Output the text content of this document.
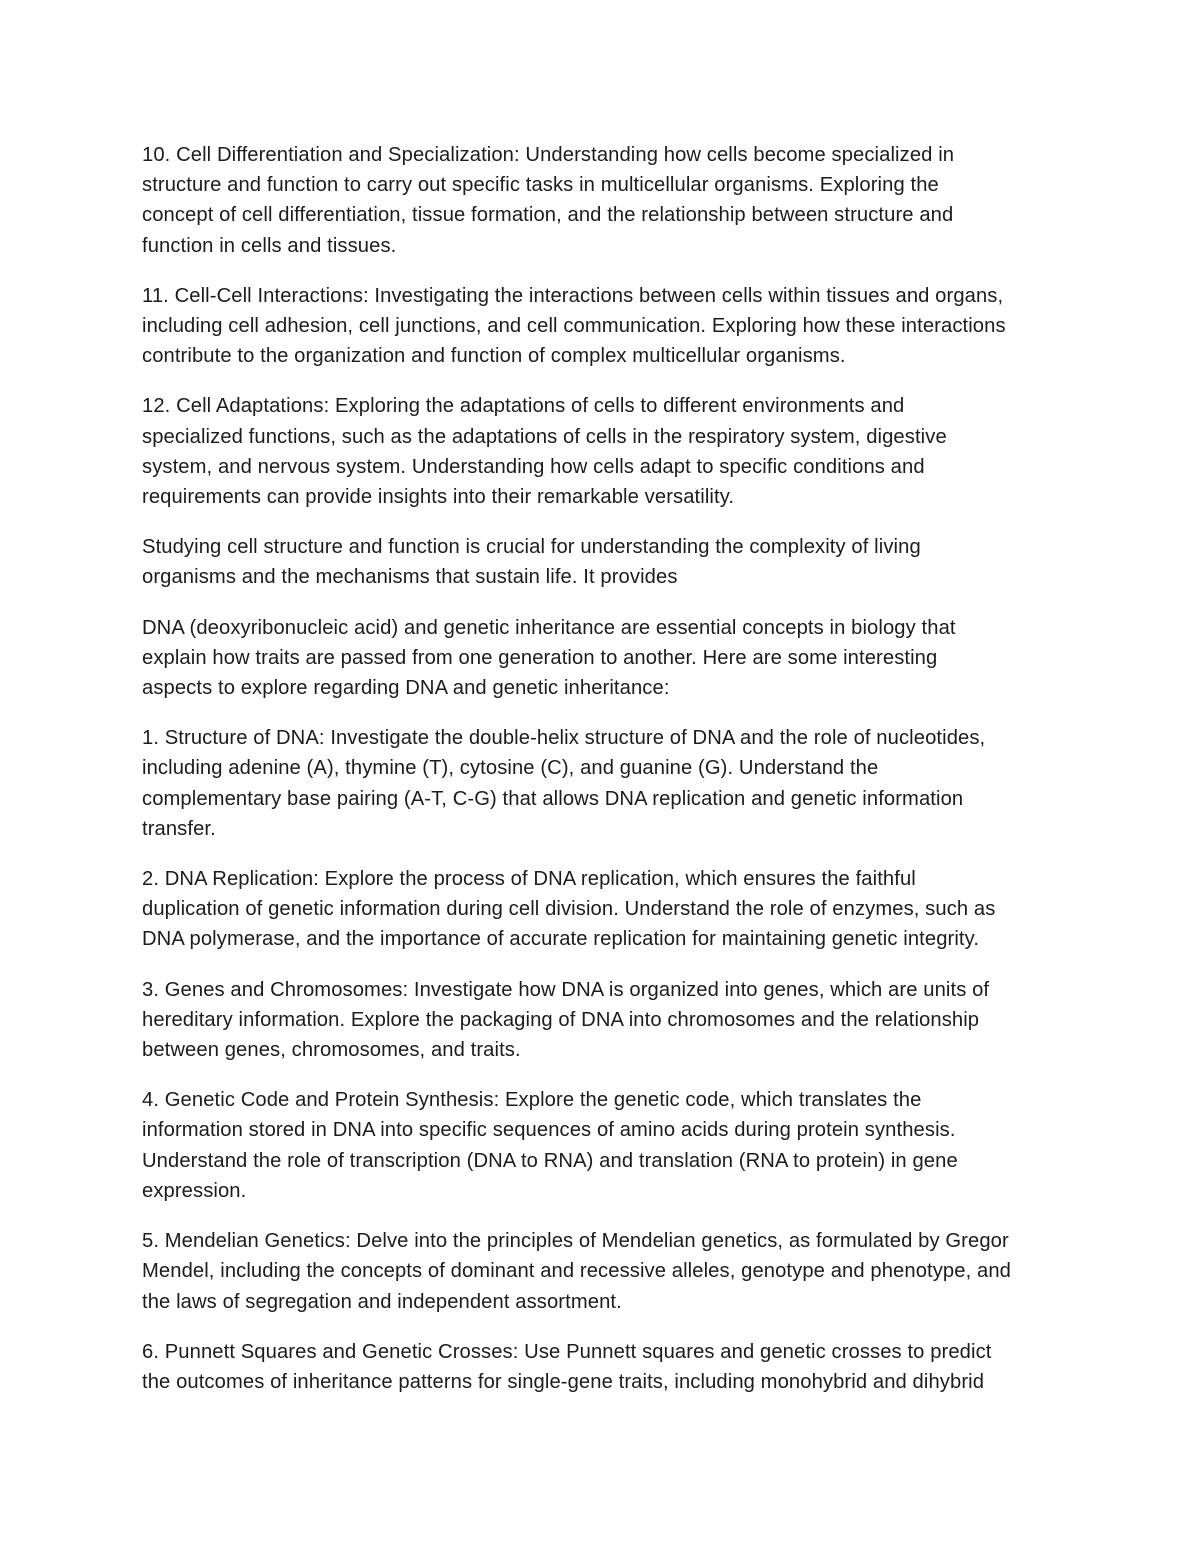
10. Cell Differentiation and Specialization: Understanding how cells become specialized in
structure and function to carry out specific tasks in multicellular organisms. Exploring the
concept of cell differentiation, tissue formation, and the relationship between structure and
function in cells and tissues.

11. Cell-Cell Interactions: Investigating the interactions between cells within tissues and organs,
including cell adhesion, cell junctions, and cell communication. Exploring how these interactions
contribute to the organization and function of complex multicellular organisms.

12. Cell Adaptations: Exploring the adaptations of cells to different environments and
specialized functions, such as the adaptations of cells in the respiratory system, digestive
system, and nervous system. Understanding how cells adapt to specific conditions and
requirements can provide insights into their remarkable versatility.

Studying cell structure and function is crucial for understanding the complexity of living
organisms and the mechanisms that sustain life. It provides

DNA (deoxyribonucleic acid) and genetic inheritance are essential concepts in biology that
explain how traits are passed from one generation to another. Here are some interesting
aspects to explore regarding DNA and genetic inheritance:

1. Structure of DNA: Investigate the double-helix structure of DNA and the role of nucleotides,
including adenine (A), thymine (T), cytosine (C), and guanine (G). Understand the
complementary base pairing (A-T, C-G) that allows DNA replication and genetic information
transfer.

2. DNA Replication: Explore the process of DNA replication, which ensures the faithful
duplication of genetic information during cell division. Understand the role of enzymes, such as
DNA polymerase, and the importance of accurate replication for maintaining genetic integrity.

3. Genes and Chromosomes: Investigate how DNA is organized into genes, which are units of
hereditary information. Explore the packaging of DNA into chromosomes and the relationship
between genes, chromosomes, and traits.

4. Genetic Code and Protein Synthesis: Explore the genetic code, which translates the
information stored in DNA into specific sequences of amino acids during protein synthesis.
Understand the role of transcription (DNA to RNA) and translation (RNA to protein) in gene
expression.

5. Mendelian Genetics: Delve into the principles of Mendelian genetics, as formulated by Gregor
Mendel, including the concepts of dominant and recessive alleles, genotype and phenotype, and
the laws of segregation and independent assortment.

6. Punnett Squares and Genetic Crosses: Use Punnett squares and genetic crosses to predict
the outcomes of inheritance patterns for single-gene traits, including monohybrid and dihybrid
